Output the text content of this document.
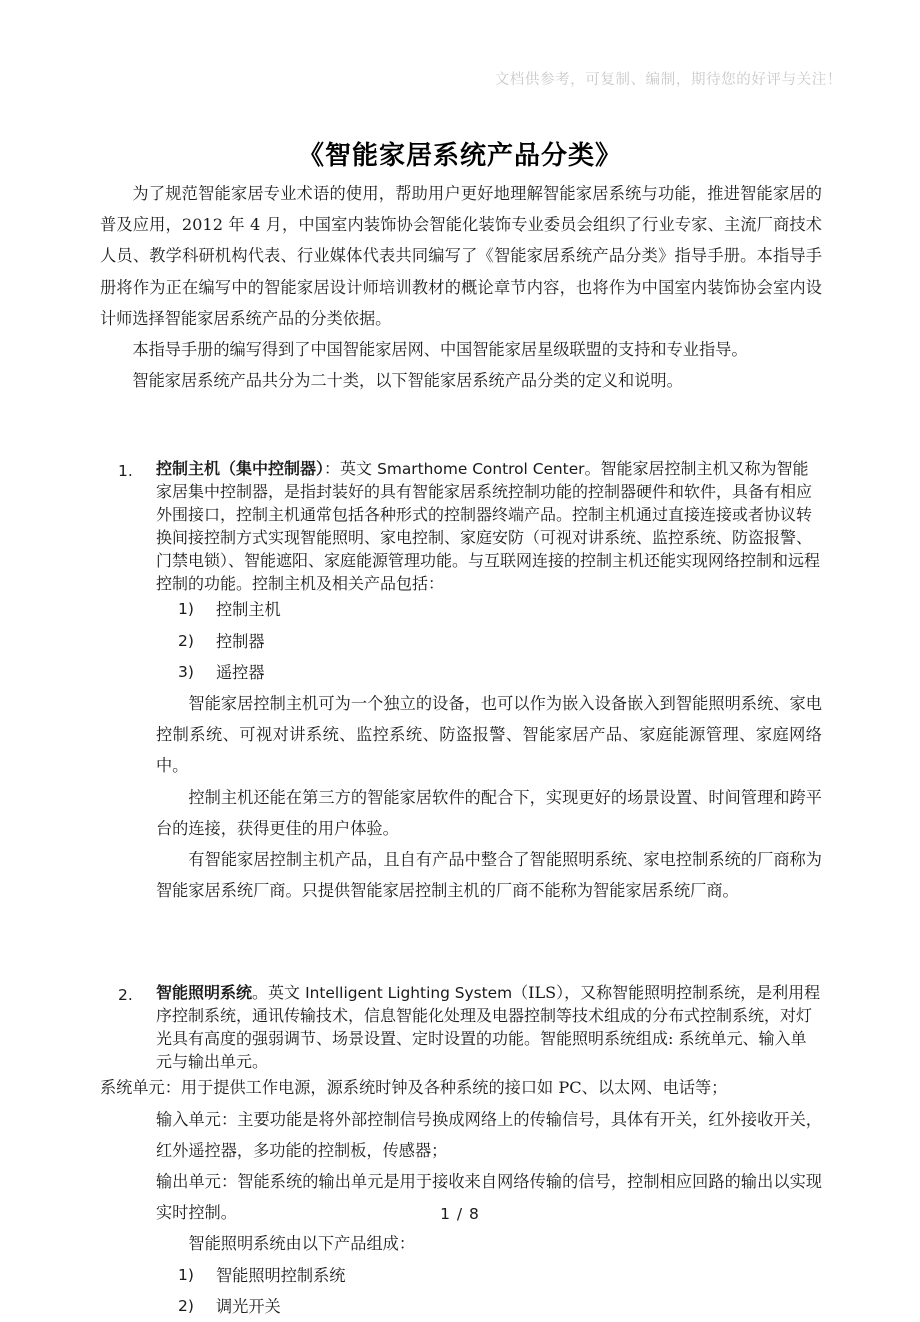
文档供参考，可复制、编制，期待您的好评与关注！
《智能家居系统产品分类》

为了规范智能家居专业术语的使用，帮助用户更好地理解智能家居系统与功能，推进智能家居的普及应用，2012 年 4 月，中国室内装饰协会智能化装饰专业委员会组织了行业专家、主流厂商技术人员、教学科研机构代表、行业媒体代表共同编写了《智能家居系统产品分类》指导手册。本指导手册将作为正在编写中的智能家居设计师培训教材的概论章节内容，也将作为中国室内装饰协会室内设计师选择智能家居系统产品的分类依据。

本指导手册的编写得到了中国智能家居网、中国智能家居星级联盟的支持和专业指导。

智能家居系统产品共分为二十类，以下智能家居系统产品分类的定义和说明。

1. 控制主机（集中控制器）：英文 Smarthome Control Center。智能家居控制主机又称为智能家居集中控制器，是指封装好的具有智能家居系统控制功能的控制器硬件和软件，具备有相应外围接口，控制主机通常包括各种形式的控制器终端产品。控制主机通过直接连接或者协议转换间接控制方式实现智能照明、家电控制、家庭安防（可视对讲系统、监控系统、防盗报警、门禁电锁）、智能遮阳、家庭能源管理功能。与互联网连接的控制主机还能实现网络控制和远程控制的功能。控制主机及相关产品包括：
1) 控制主机
2) 控制器
3) 遥控器

智能家居控制主机可为一个独立的设备，也可以作为嵌入设备嵌入到智能照明系统、家电控制系统、可视对讲系统、监控系统、防盗报警、智能家居产品、家庭能源管理、家庭网络中。

控制主机还能在第三方的智能家居软件的配合下，实现更好的场景设置、时间管理和跨平台的连接，获得更佳的用户体验。

有智能家居控制主机产品，且自有产品中整合了智能照明系统、家电控制系统的厂商称为智能家居系统厂商。只提供智能家居控制主机的厂商不能称为智能家居系统厂商。

2. 智能照明系统。英文 Intelligent Lighting System（ILS），又称智能照明控制系统，是利用程序控制系统，通讯传输技术，信息智能化处理及电器控制等技术组成的分布式控制系统，对灯光具有高度的强弱调节、场景设置、定时设置的功能。智能照明系统组成: 系统单元、输入单元与输出单元。

系统单元：用于提供工作电源，源系统时钟及各种系统的接口如 PC、以太网、电话等；

输入单元：主要功能是将外部控制信号换成网络上的传输信号，具体有开关，红外接收开关，红外遥控器，多功能的控制板，传感器；

输出单元：智能系统的输出单元是用于接收来自网络传输的信号，控制相应回路的输出以实现实时控制。

智能照明系统由以下产品组成：

1) 智能照明控制系统
2) 调光开关
1 / 8
